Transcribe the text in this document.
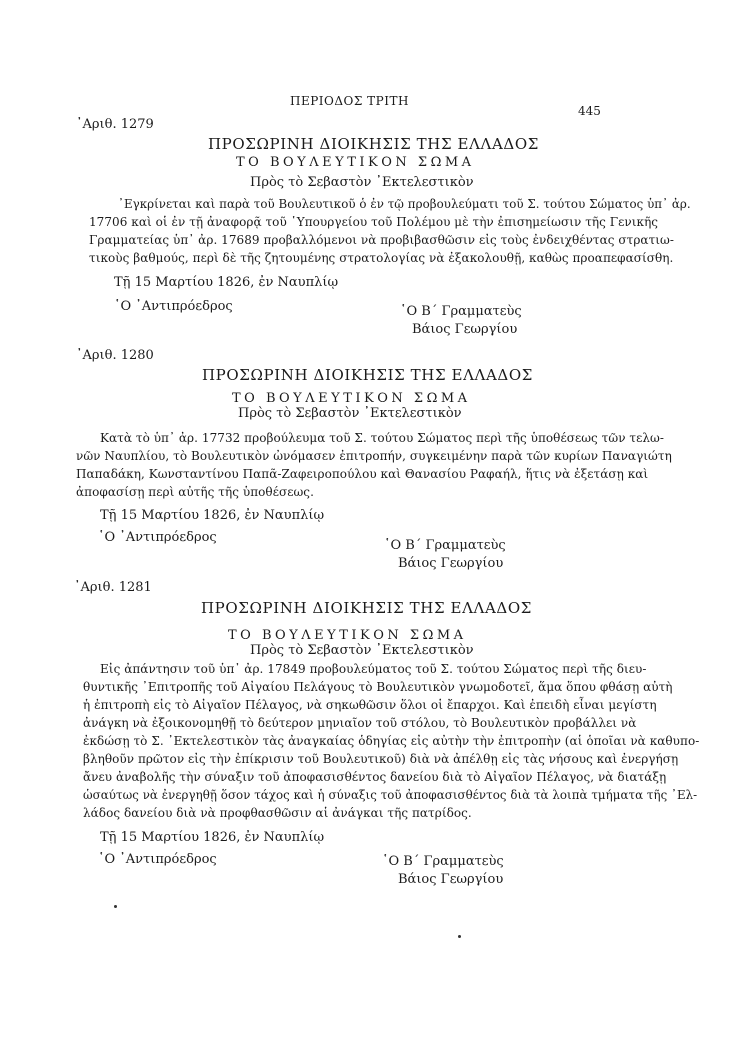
ΠΕΡΙΟΔΟΣ ΤΡΙΤΗ
445
᾽Αριθ. 1279
ΠΡΟΣΩΡΙΝΗ ΔΙΟΙΚΗΣΙΣ ΤΗΣ ΕΛΛΑΔΟΣ
ΤΟ ΒΟΥΛΕΥΤΙΚΟΝ ΣΩΜΑ
Πρὸς τὸ Σεβαστὸν ᾽Εκτελεστικὸν
᾽Εγκρίνεται καὶ παρὰ τοῦ Βουλευτικοῦ ὁ ἐν τῷ προβουλεύματι τοῦ Σ. τούτου Σώματος ὑπ᾽ ἀρ.
17706 καὶ οἱ ἐν τῇ ἀναφορᾷ τοῦ ῾Υπουργείου τοῦ Πολέμου μὲ τὴν ἐπισημείωσιν τῆς Γενικῆς
Γραμματείας ὑπ᾽ ἀρ. 17689 προβαλλόμενοι νὰ προβιβασθῶσιν εἰς τοὺς ἐνδειχθέντας στρατιω-
τικοὺς βαθμούς, περὶ δὲ τῆς ζητουμένης στρατολογίας νὰ ἐξακολουθῇ, καθὼς προαπεφασίσθη.
Τῇ 15 Μαρτίου 1826, ἐν Ναυπλίῳ
῾Ο ᾽Αντιπρόεδρος	῾Ο Β´ Γραμματεὺς
Βάιος Γεωργίου
᾽Αριθ. 1280
ΠΡΟΣΩΡΙΝΗ ΔΙΟΙΚΗΣΙΣ ΤΗΣ ΕΛΛΑΔΟΣ
ΤΟ ΒΟΥΛΕΥΤΙΚΟΝ ΣΩΜΑ
Πρὸς τὸ Σεβαστὸν ᾽Εκτελεστικὸν
Κατὰ τὸ ὑπ᾽ ἀρ. 17732 προβούλευμα τοῦ Σ. τούτου Σώματος περὶ τῆς ὑποθέσεως τῶν τελω-
νῶν Ναυπλίου, τὸ Βουλευτικὸν ὠνόμασεν ἐπιτροπήν, συγκειμένην παρὰ τῶν κυρίων Παναγιώτη
Παπαδάκη, Κωνσταντίνου Παπᾶ-Ζαφειροπούλου καὶ Θανασίου Ραφαήλ, ἥτις νὰ ἐξετάσῃ καὶ
ἀποφασίσῃ περὶ αὐτῆς τῆς ὑποθέσεως.
Τῇ 15 Μαρτίου 1826, ἐν Ναυπλίῳ
῾Ο ᾽Αντιπρόεδρος
῾Ο Β´ Γραμματεὺς
Βάιος Γεωργίου
᾽Αριθ. 1281
ΠΡΟΣΩΡΙΝΗ ΔΙΟΙΚΗΣΙΣ ΤΗΣ ΕΛΛΑΔΟΣ
ΤΟ ΒΟΥΛΕΥΤΙΚΟΝ ΣΩΜΑ
Πρὸς τὸ Σεβαστὸν ᾽Εκτελεστικὸν
Εἰς ἀπάντησιν τοῦ ὑπ᾽ ἀρ. 17849 προβουλεύματος τοῦ Σ. τούτου Σώματος περὶ τῆς διευ-
θυντικῆς ᾽Επιτροπῆς τοῦ Αἰγαίου Πελάγους τὸ Βουλευτικὸν γνωμοδοτεῖ, ἅμα ὅπου φθάσῃ αὐτὴ
ἡ ἐπιτροπὴ εἰς τὸ Αἰγαῖον Πέλαγος, νὰ σηκωθῶσιν ὅλοι οἱ ἔπαρχοι. Καὶ ἐπειδὴ εἶναι μεγίστη
ἀνάγκη νὰ ἐξοικονομηθῇ τὸ δεύτερον μηνιαῖον τοῦ στόλου, τὸ Βουλευτικὸν προβάλλει νὰ
ἐκδώσῃ τὸ Σ. ᾽Εκτελεστικὸν τὰς ἀναγκαίας ὁδηγίας εἰς αὐτὴν τὴν ἐπιτροπὴν (αἱ ὁποῖαι νὰ καθυπο-
βληθοῦν πρῶτον εἰς τὴν ἐπίκρισιν τοῦ Βουλευτικοῦ) διὰ νὰ ἀπέλθῃ εἰς τὰς νήσους καὶ ἐνεργήσῃ
ἄνευ ἀναβολῆς τὴν σύναξιν τοῦ ἀποφασισθέντος δανείου διὰ τὸ Αἰγαῖον Πέλαγος, νὰ διατάξῃ
ὡσαύτως νὰ ἐνεργηθῇ ὅσον τάχος καὶ ἡ σύναξις τοῦ ἀποφασισθέντος διὰ τὰ λοιπὰ τμήματα τῆς ᾽Ελ-
λάδος δανείου διὰ νὰ προφθασθῶσιν αἱ ἀνάγκαι τῆς πατρίδος.
Τῇ 15 Μαρτίου 1826, ἐν Ναυπλίῳ
῾Ο ᾽Αντιπρόεδρος	῾Ο Β´ Γραμματεὺς
Βάιος Γεωργίου
